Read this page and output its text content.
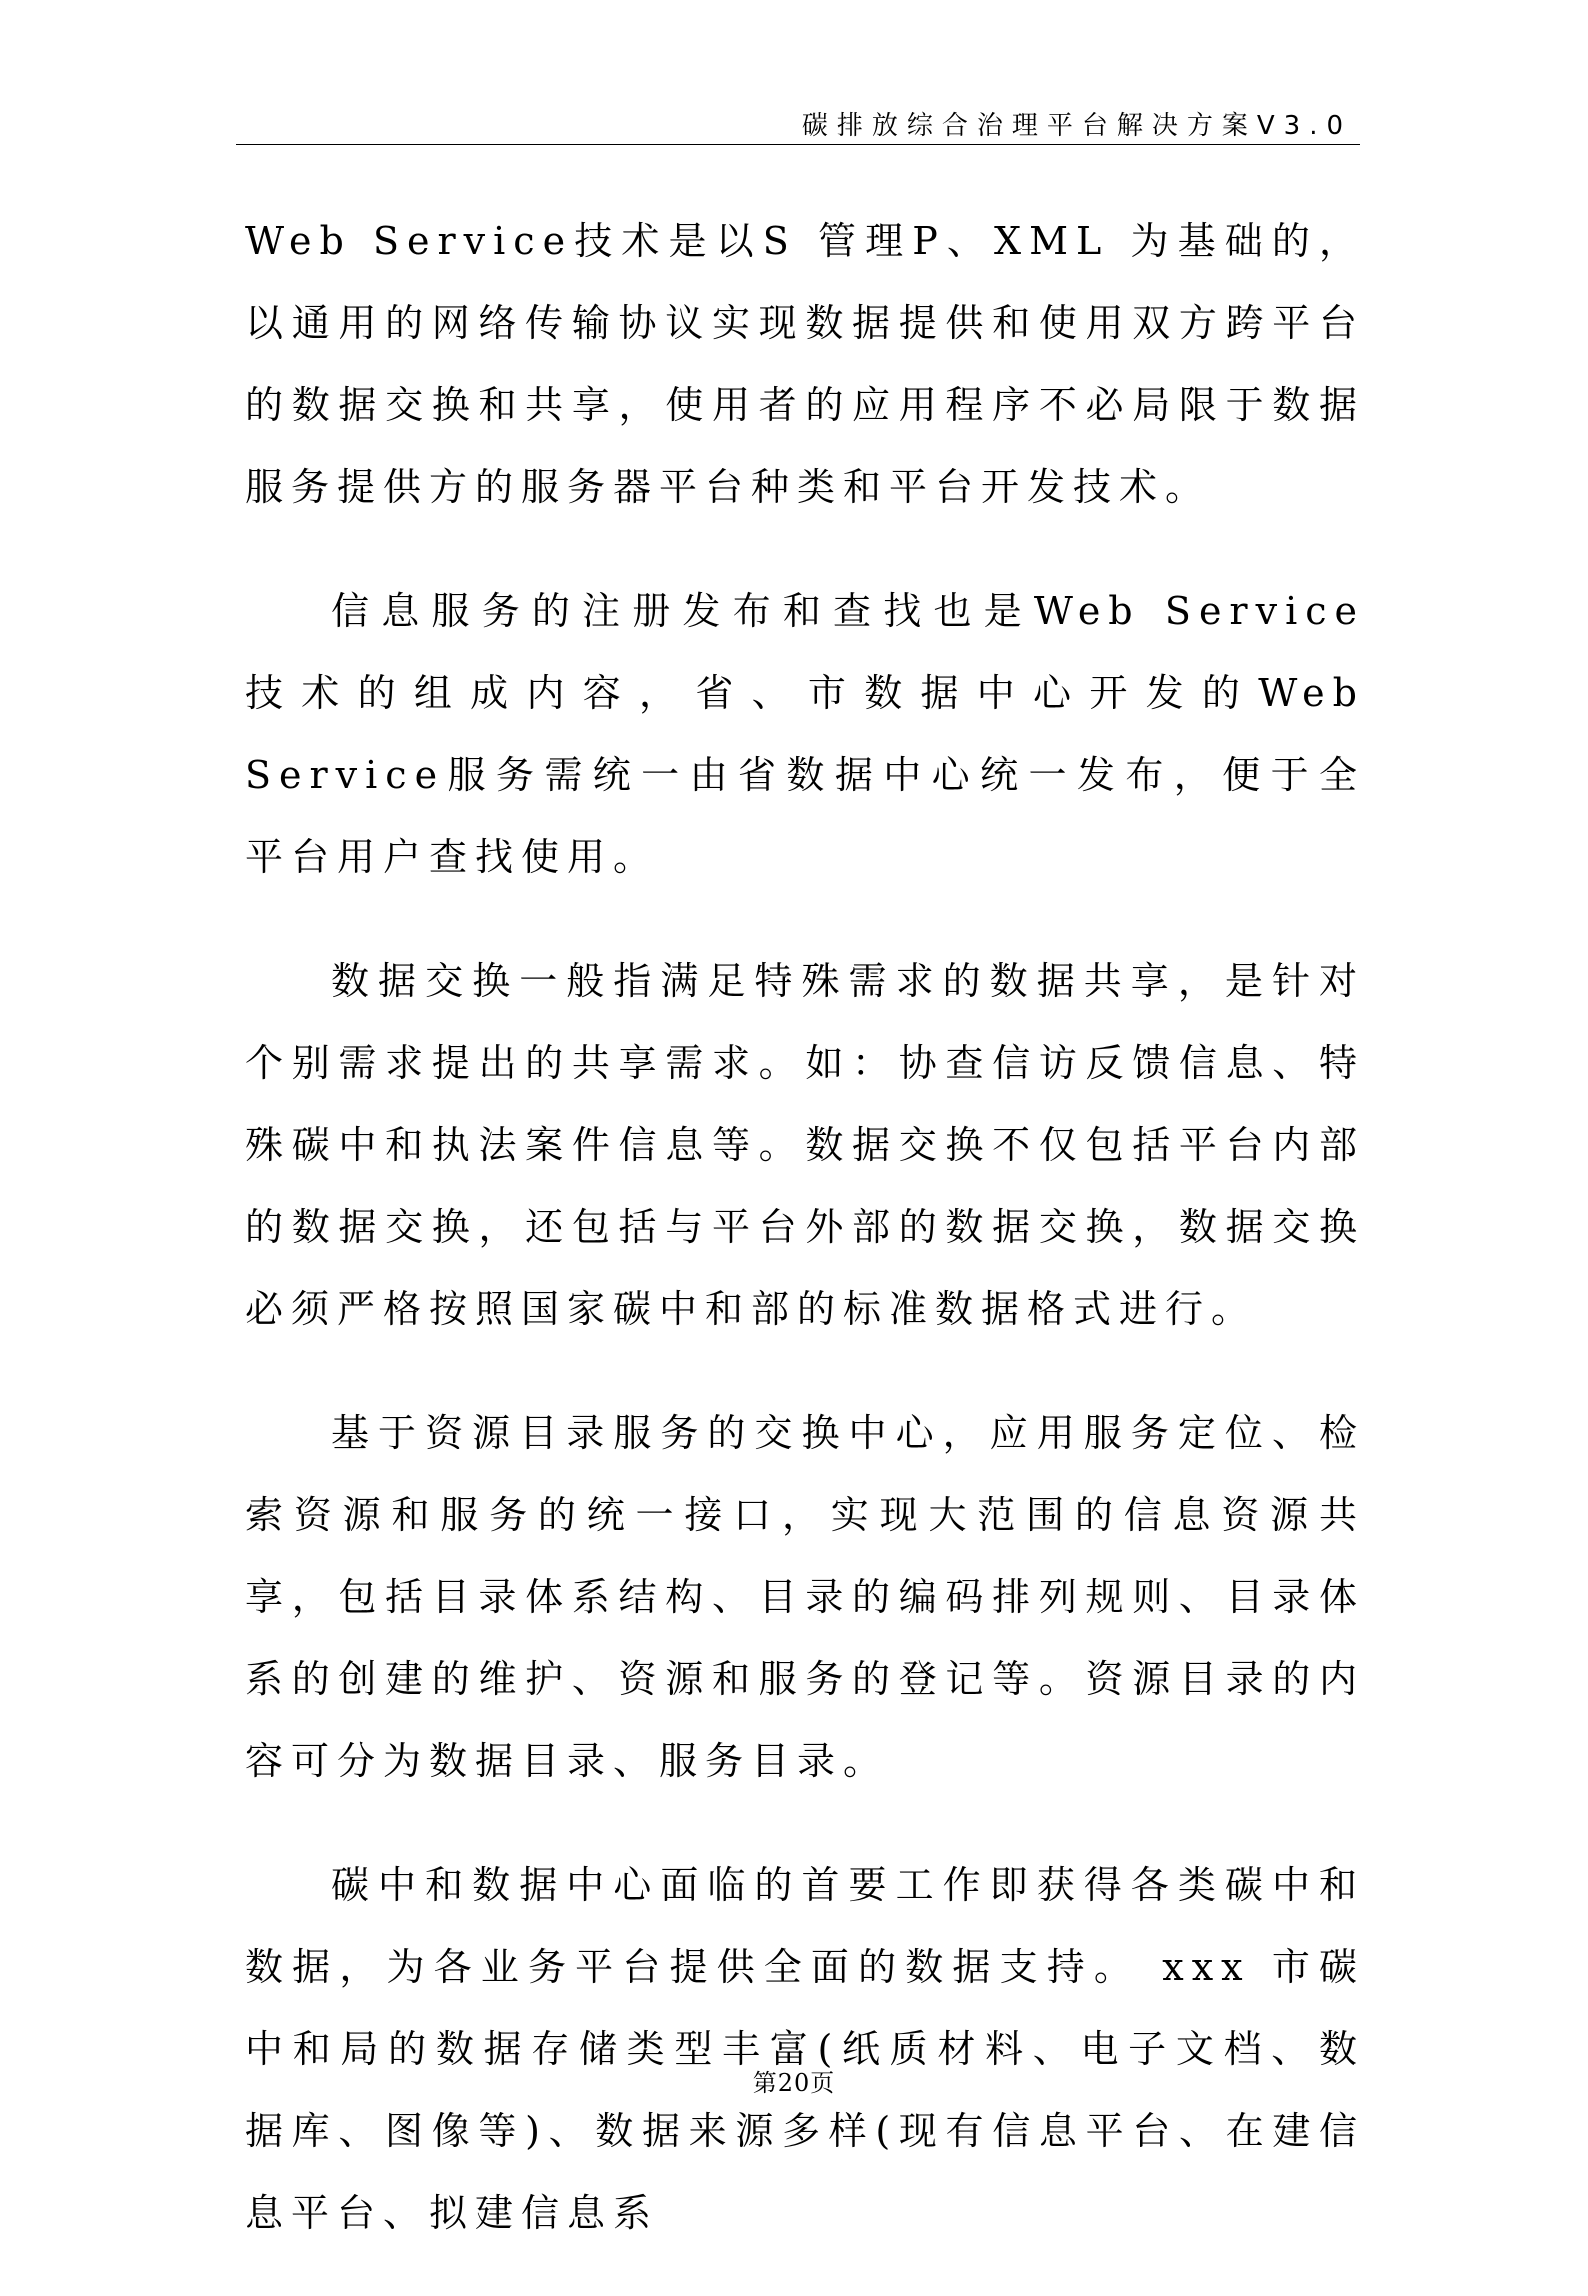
碳排放综合治理平台解决方案V3.0

Web Service技术是以S 管理P、XML 为基础的，以通用的网络传输协议实现数据提供和使用双方跨平台的数据交换和共享，使用者的应用程序不必局限于数据服务提供方的服务器平台种类和平台开发技术。

信息服务的注册发布和查找也是Web Service 技术的组成内容，省、市数据中心开发的Web Service服务需统一由省数据中心统一发布，便于全平台用户查找使用。

数据交换一般指满足特殊需求的数据共享，是针对个别需求提出的共享需求。如：协查信访反馈信息、特殊碳中和执法案件信息等。数据交换不仅包括平台内部的数据交换，还包括与平台外部的数据交换，数据交换必须严格按照国家碳中和部的标准数据格式进行。

基于资源目录服务的交换中心，应用服务定位、检索资源和服务的统一接口，实现大范围的信息资源共享，包括目录体系结构、目录的编码排列规则、目录体系的创建的维护、资源和服务的登记等。资源目录的内容可分为数据目录、服务目录。

碳中和数据中心面临的首要工作即获得各类碳中和数据，为各业务平台提供全面的数据支持。 xxx 市碳中和局的数据存储类型丰富(纸质材料、电子文档、数据库、图像等)、数据来源多样(现有信息平台、在建信息平台、拟建信息系

第20页
